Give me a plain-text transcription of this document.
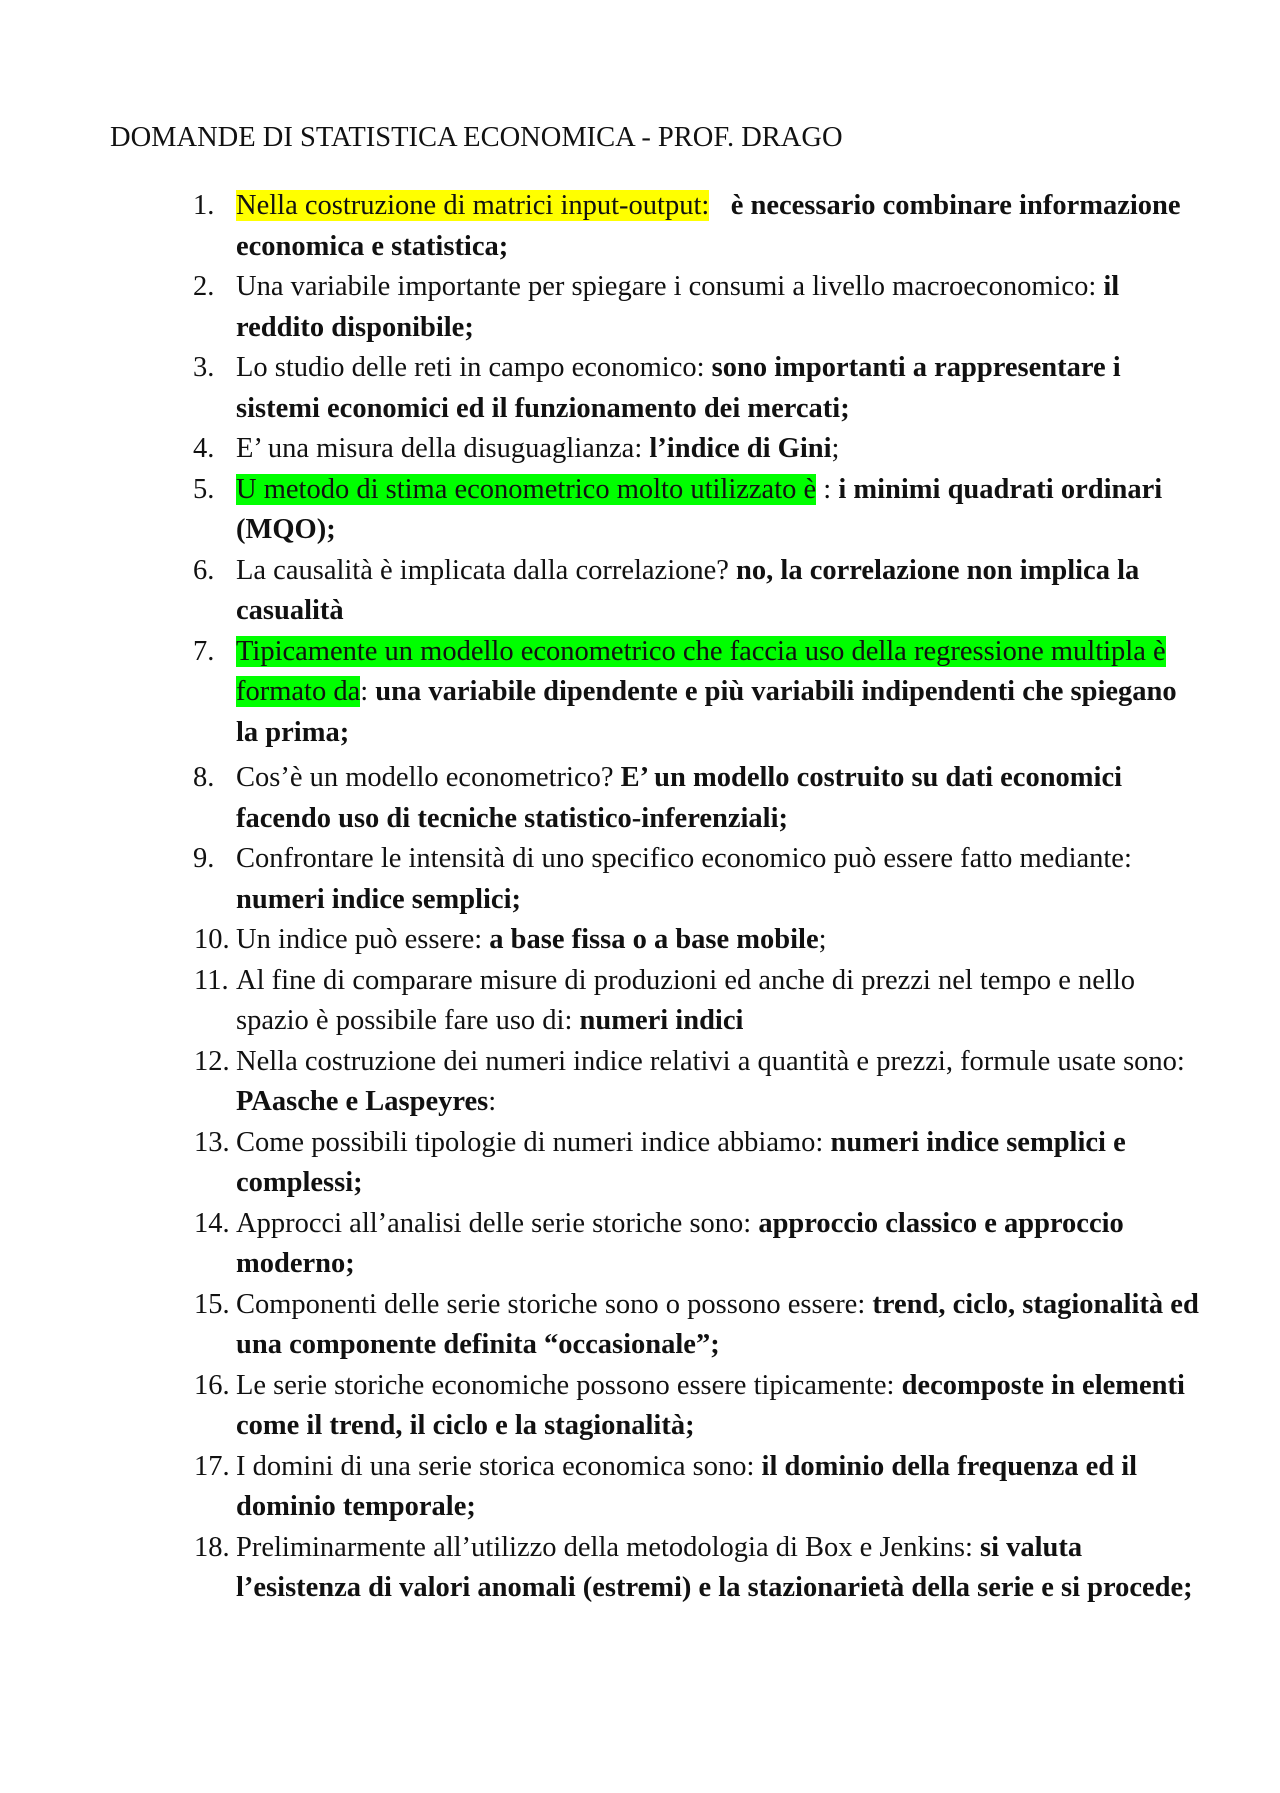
DOMANDE DI STATISTICA ECONOMICA - PROF. DRAGO
1. Nella costruzione di matrici input-output: è necessario combinare informazione economica e statistica;
2. Una variabile importante per spiegare i consumi a livello macroeconomico: il reddito disponibile;
3. Lo studio delle reti in campo economico: sono importanti a rappresentare i sistemi economici ed il funzionamento dei mercati;
4. E’ una misura della disuguaglianza: l’indice di Gini;
5. U metodo di stima econometrico molto utilizzato è : i minimi quadrati ordinari (MQO);
6. La causalità è implicata dalla correlazione? no, la correlazione non implica la casualità
7. Tipicamente un modello econometrico che faccia uso della regressione multipla è formato da: una variabile dipendente e più variabili indipendenti che spiegano la prima;
8. Cos’è un modello econometrico? E’ un modello costruito su dati economici facendo uso di tecniche statistico-inferenziali;
9. Confrontare le intensità di uno specifico economico può essere fatto mediante: numeri indice semplici;
10. Un indice può essere: a base fissa o a base mobile;
11. Al fine di comparare misure di produzioni ed anche di prezzi nel tempo e nello spazio è possibile fare uso di: numeri indici
12. Nella costruzione dei numeri indice relativi a quantità e prezzi, formule usate sono: PAasche e Laspeyres:
13. Come possibili tipologie di numeri indice abbiamo: numeri indice semplici e complessi;
14. Approcci all’analisi delle serie storiche sono: approccio classico e approccio moderno;
15. Componenti delle serie storiche sono o possono essere: trend, ciclo, stagionalità ed una componente definita “occasionale”;
16. Le serie storiche economiche possono essere tipicamente: decomposte in elementi come il trend, il ciclo e la stagionalità;
17. I domini di una serie storica economica sono: il dominio della frequenza ed il dominio temporale;
18. Preliminarmente all’utilizzo della metodologia di Box e Jenkins: si valuta l’esistenza di valori anomali (estremi) e la stazionarietà della serie e si procede;
